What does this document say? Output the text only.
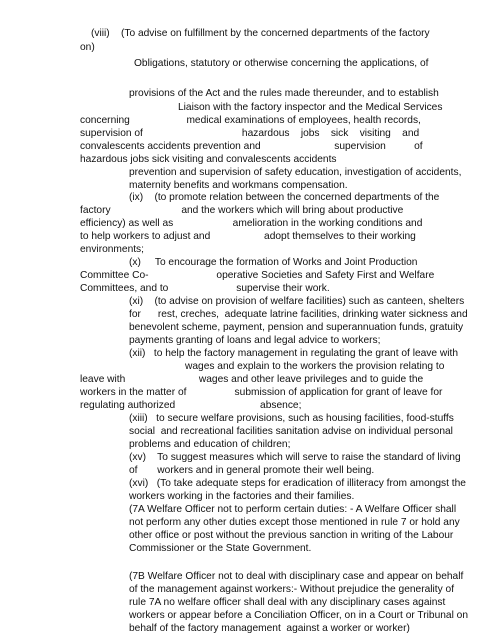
(viii)    (To advise on fulfillment by the concerned departments of the factory
on)
Obligations, statutory or otherwise concerning the applications, of
provisions of the Act and the rules made thereunder, and to establish
Liaison with the factory inspector and the Medical Services
concerning                    medical examinations of employees, health records,
supervision of                                   hazardous    jobs    sick    visiting    and
convalescents accidents prevention and                          supervision          of
hazardous jobs sick visiting and convalescents accidents
prevention and supervision of safety education, investigation of accidents,
maternity benefits and workmans compensation.
(ix)    (to promote relation between the concerned departments of the
factory                         and the workers which will bring about productive
efficiency) as well as                     amelioration in the working conditions and
to help workers to adjust and                   adopt themselves to their working
environments;
(x)     To encourage the formation of Works and Joint Production
Committee Co-                        operative Societies and Safety First and Welfare
Committees, and to                        supervise their work.
(xi)    (to advise on provision of welfare facilities) such as canteen, shelters
for      rest, creches,  adequate latrine facilities, drinking water sickness and
benevolent scheme, payment, pension and superannuation funds, gratuity
payments granting of loans and legal advice to workers;
(xii)   to help the factory management in regulating the grant of leave with
wages and explain to the workers the provision relating to
leave with                          wages and other leave privileges and to guide the
workers in the matter of                 submission of application for grant of leave for
regulating authorized                              absence;
(xiii)   to secure welfare provisions, such as housing facilities, food-stuffs
social  and recreational facilities sanitation advise on individual personal
problems and education of children;
(xv)    To suggest measures which will serve to raise the standard of living
of       workers and in general promote their well being.
(xvi)   (To take adequate steps for eradication of illiteracy from amongst the
workers working in the factories and their families.
(7A Welfare Officer not to perform certain duties: - A Welfare Officer shall
not perform any other duties except those mentioned in rule 7 or hold any
other office or post without the previous sanction in writing of the Labour
Commissioner or the State Government.
(7B Welfare Officer not to deal with disciplinary case and appear on behalf
of the management against workers:- Without prejudice the generality of
rule 7A no welfare officer shall deal with any disciplinary cases against
workers or appear before a Conciliation Officer, on in a Court or Tribunal on
behalf of the factory management  against a worker or worker)
